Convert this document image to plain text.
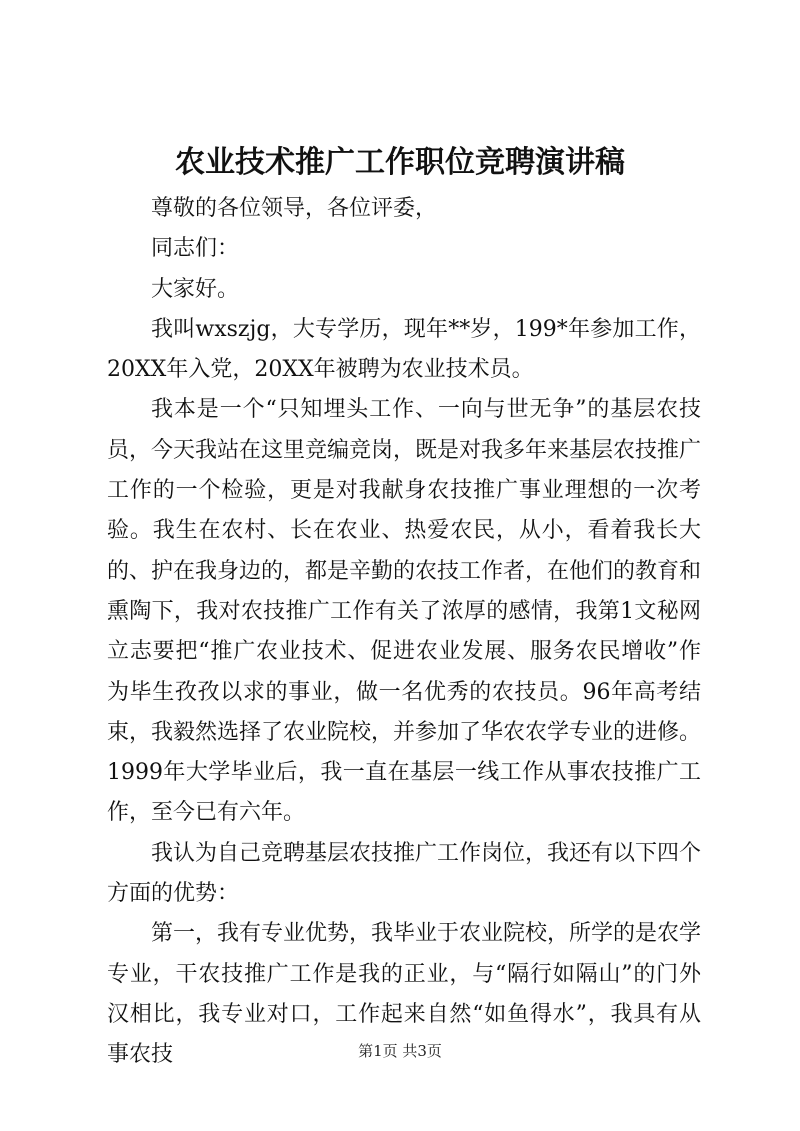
农业技术推广工作职位竞聘演讲稿

尊敬的各位领导，各位评委，

同志们：

大家好。

我叫wxszjg，大专学历，现年**岁，199*年参加工作，20XX年入党，20XX年被聘为农业技术员。

我本是一个“只知埋头工作、一向与世无争”的基层农技员，今天我站在这里竞编竞岗，既是对我多年来基层农技推广工作的一个检验，更是对我献身农技推广事业理想的一次考验。我生在农村、长在农业、热爱农民，从小，看着我长大的、护在我身边的，都是辛勤的农技工作者，在他们的教育和熏陶下，我对农技推广工作有关了浓厚的感情，我第1文秘网立志要把“推广农业技术、促进农业发展、服务农民增收”作为毕生孜孜以求的事业，做一名优秀的农技员。96年高考结束，我毅然选择了农业院校，并参加了华农农学专业的进修。1999年大学毕业后，我一直在基层一线工作从事农技推广工作，至今已有六年。

我认为自己竞聘基层农技推广工作岗位，我还有以下四个方面的优势：

第一，我有专业优势，我毕业于农业院校，所学的是农学专业，干农技推广工作是我的正业，与“隔行如隔山”的门外汉相比，我专业对口，工作起来自然“如鱼得水”，我具有从事农技	第1页 共3页
